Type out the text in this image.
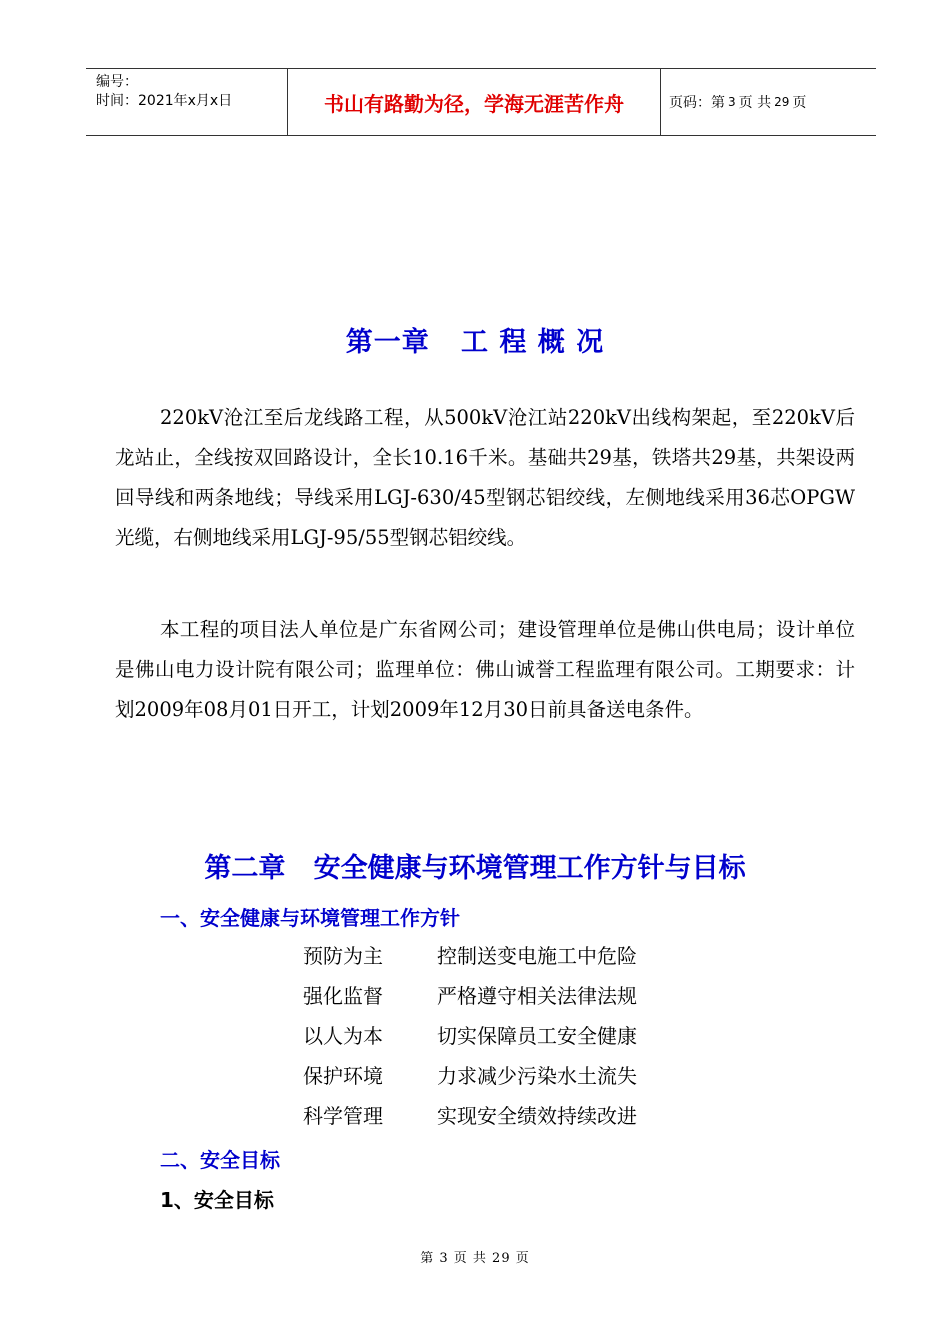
编号：
时间：2021年x月x日	书山有路勤为径，学海无涯苦作舟	页码：第 3 页 共 29 页
第一章   工 程 概 况
220kV沧江至后龙线路工程，从500kV沧江站220kV出线构架起，至220kV后龙站止，全线按双回路设计，全长10.16千米。基础共29基，铁塔共29基，共架设两回导线和两条地线；导线采用LGJ-630/45型钢芯铝绞线，左侧地线采用36芯OPGW光缆，右侧地线采用LGJ-95/55型钢芯铝绞线。
本工程的项目法人单位是广东省网公司；建设管理单位是佛山供电局；设计单位是佛山电力设计院有限公司；监理单位：佛山诚誉工程监理有限公司。工期要求：计划2009年08月01日开工，计划2009年12月30日前具备送电条件。
第二章   安全健康与环境管理工作方针与目标
一、安全健康与环境管理工作方针
预防为主	控制送变电施工中危险
强化监督	严格遵守相关法律法规
以人为本	切实保障员工安全健康
保护环境	力求减少污染水土流失
科学管理	实现安全绩效持续改进
二、安全目标
1、安全目标
第 3 页 共 29 页
